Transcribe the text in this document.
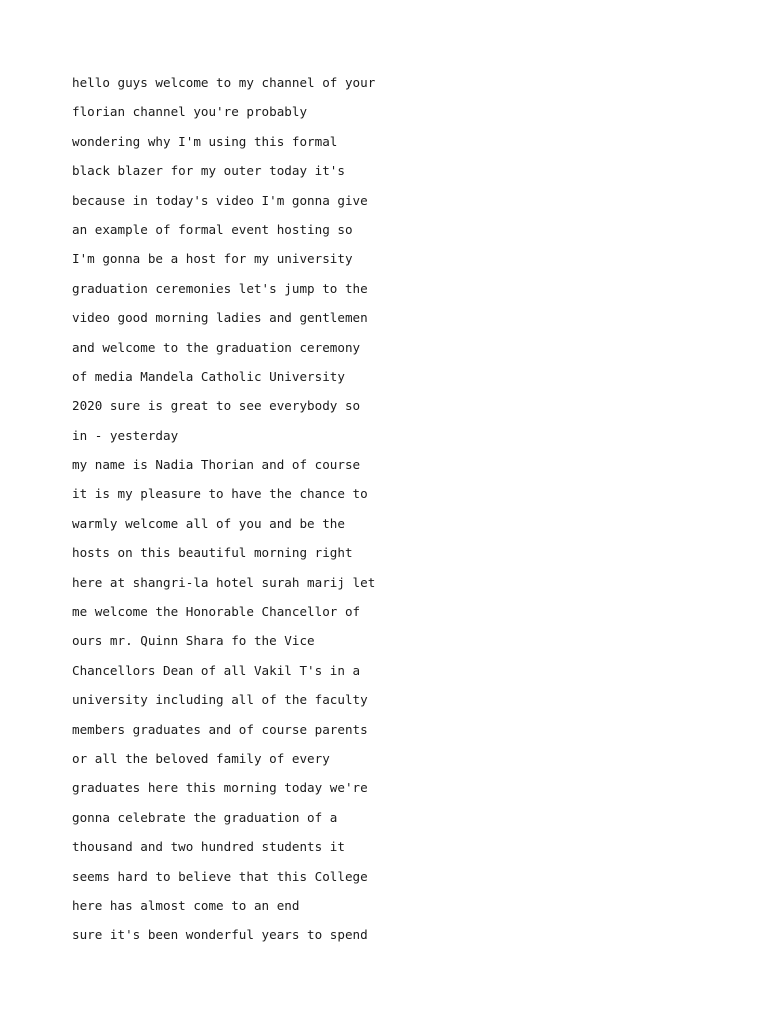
hello guys welcome to my channel of your
florian channel you're probably
wondering why I'm using this formal
black blazer for my outer today it's
because in today's video I'm gonna give
an example of formal event hosting so
I'm gonna be a host for my university
graduation ceremonies let's jump to the
video good morning ladies and gentlemen
and welcome to the graduation ceremony
of media Mandela Catholic University
2020 sure is great to see everybody so
in - yesterday
my name is Nadia Thorian and of course
it is my pleasure to have the chance to
warmly welcome all of you and be the
hosts on this beautiful morning right
here at shangri-la hotel surah marij let
me welcome the Honorable Chancellor of
ours mr. Quinn Shara fo the Vice
Chancellors Dean of all Vakil T's in a
university including all of the faculty
members graduates and of course parents
or all the beloved family of every
graduates here this morning today we're
gonna celebrate the graduation of a
thousand and two hundred students it
seems hard to believe that this College
here has almost come to an end
sure it's been wonderful years to spend
